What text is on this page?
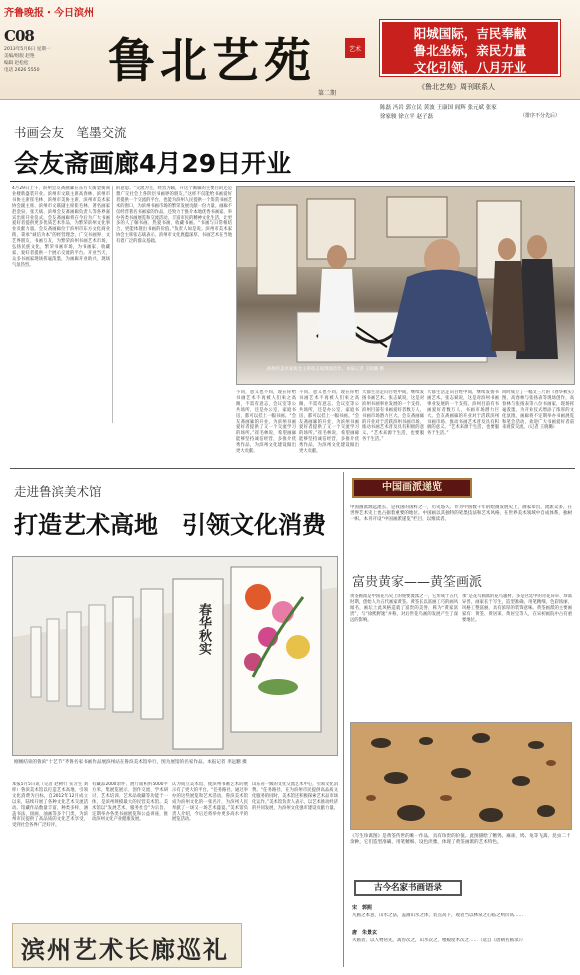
齐鲁晚报・今日滨州
C08
2013年5月6日 星期一
美编/组版 赵艳
编辑 赵松松
电话 2626 5550	鲁北艺苑	艺术
第二期
阳城国际，吉民奉献
鲁北坐标，亲民力量
文化引领，八月开业
《鲁北艺苑》周刊联系人
陈磊 冯岩 郭立民 黄波 王康国 阎辉 张元斌 张家
徐家骏 徐立平 赵子磊	（排序不分先后）
书画会友　笔墨交流
会友斋画廊4月29日开业
4月29日上午，滨州会友斋画廊在东方天街金街商业楼新盛装开业。滨州市文联主席高春林、滨州市书协主席崔毛林、滨州市美协主席、滨州市美术家协会副主席、滨州市文联副主席崔毛林、著名画家赵金泉、张天斌、滨州会友斋画廊负责人等各界嘉宾出席开业仪式，会友斋画廊将在今后为广大书画爱好者提供更多优质艺术作品，为繁荣滨州文化事业贡献力量。会友斋画廊位于滨州市东方文化商业街，秉承“诚信为本”的经营理念，广交书画界、文艺界朋友，书画互友，为繁荣滨州书画艺术市场，弘扬民族文化，繁荣书画市场，为书画家、收藏家、爱好者提供一个展示交流的平台。开业当天，众多书画家现场挥毫泼墨，为画廊开业助兴，现场气氛热烈。
的意思。“交流为主，经营为辅，开这个画廊的主要目的还是想广交社会上各阶层书画界的朋友。”这样不仅能给书画爱好者提供一个交流的平台，也能为滨州人民提供一个鉴赏书画艺术的窗口，为滨州书画市场的繁荣发展贡献一份力量。画廊不仅经营著名书画家的作品，还致力于推介本地优秀书画家，举办各类书画展览和交流活动，丰富市民的精神文化生活，让更多的人了解书画、热爱书画、收藏书画。“书画与日常相结合，更能体现出书画的价值。”负责人如是说。滨州市美术家协会主席张志斌表示，滨州市文化底蕴深厚，书画艺术在当地有着广泛的群众基础。
滨州市美术家协会主席崔志斌现场创作。本报记者 王晓璐 摄
不同，意义也不同，现在你给书画艺术不再被人们束之高阁，不需有意志，会议室等公共场所，还是办公室、家庭书房，都可以挂上一幅书画。“会友斋画廊的开业，为滨州书画爱好者提供了又一个交流学习的场所。”崔毛林说，希望画廊能够坚持诚信经营，多推介优秀作品，为滨州文化建设做出更大贡献。
不同，意义也不同，现在你给书画艺术不再被人们束之高阁，不需有意志，会议室等公共场所，还是办公室、家庭书房，都可以挂上一幅书画。“会友斋画廊的开业，为滨州书画爱好者提供了又一个交流学习的场所。”崔毛林说，希望画廊能够坚持诚信经营，多推介优秀作品，为滨州文化建设做出更大贡献。
大都生活走向百姓中间，继续发扬书画艺术。张志斌说，这是对滨州书画事业发展的一个支持。滨州目前有书画爱好者数万人，书画市场潜力巨大。会友斋画廊的开业对于活跃滨州书画市场、推动书画艺术普及具有积极的意义。“艺术来源于生活，也要服务于生活。”
大都生活走向百姓中间，继续发扬书画艺术。张志斌说，这是对滨州书画事业发展的一个支持。滨州目前有书画爱好者数万人，书画市场潜力巨大。会友斋画廊的开业对于活跃滨州书画市场、推动书画艺术普及具有积极的意义。“艺术来源于生活，也要服务于生活。”
同时成立了一幅文三尺的《春华秋实》图，高春林与张扬表等现场创作，高春林与张扬表等八位书画家，现场挥毫泼墨，为开业仪式增添了浓厚的文化氛围。画廊将不定期举办书画展览和笔会活动，欢迎广大书画爱好者前来观赏交流。（记者 王晓璐）
走进鲁滨美术馆
打造艺术高地　引领文化消费
春华秋实
刚刚结束的鲁滨“十艺节”齐鲁名家书画作品展滨州站在鲁滨美术馆举行，图为展馆的名家作品。本报记者 李远鹏 摄
本报5月5日讯（记者 赵树行 实习生 刘梓）鲁滨美术馆以打造艺术高地、引领文化消费为目标，自2012年12月成立以来，陆续开展了各种文化艺术交流活动。馆藏作品数量丰富、种类多样，涵盖书法、国画、油画等多个门类，为滨州市民提供了高品质的文化艺术享受，受到社会各界广泛好评。
有藏品2000余件，展厅面积约5000平方米，集展览展示、创作交流、学术研讨、艺术培训、艺术品收藏等功能于一体，是滨州规模最大的民营美术馆。美术馆以“发展艺术、服务社会”为宗旨，定期举办各类书画展览和公益讲座，推动滨州文化产业健康发展。
认为成立美术馆，使滨州书画艺术的展示有了更大的平台。“任务路径，通过举办的这些展览和艺术活动，鲁滨美术馆成为滨州文化的一张名片，为滨州人民奉献了一场又一场艺术盛宴。”美术馆负责人介绍，今后还将举办更多高水平的展览活动。
山东省一级的文化交流艺术中心，引领文化消费。“任务路径，在为滨州市民提供高品质文化服务的同时，美术馆还积极探索艺术品市场化运作。”美术馆负责人表示，以艺术推动经济的共同发展，为滨州文化强市建设贡献力量。
滨州艺术长廊巡礼
中国画派递览
中国画派源远流长，是我国的国粹之一，历史悠久。作为中国数千年的绘画发展史上，画家辈出，流派众多，在世界艺术史上也占据着重要的地位。中国画以其独特的笔墨技法和艺术风格，在世界美术领域中自成体系，独树一帜。本刊开设“中国画派递览”栏目，以飨读者。
富贵黄家——黄筌画派
黄筌画派是中国花鸟史上的重要流派之一，它形成于五代时期，创始人为五代画家黄筌。黄筌长以富丽工巧的画风闻名，画坛上此风格造就了富贵的美誉，称为“黄家富贵”，与“徐熙野逸”并称，对后世花鸟画的发展产生了深远的影响。
承”是花鸟画派的花鸟题材，多是宫廷中的奇花异草、珍禽异兽，画家长于写生，造型准确，用笔精细，色彩浓丽，风格工整富丽，具有浓厚的装饰意味。黄筌画派的主要画家有：黄筌、黄居寀、黄居宝等人，在宋初画院中占有重要地位。
《写生珍禽图》是黄筌传世的唯一作品，具有珍贵的价值。此图描绘了鹡鸰、麻雀、鸠、龟等飞禽、昆虫二十余种，它们造型准确、用笔精细、设色淡雅，体现了黄筌画派的艺术特色。
古今名家书画语录
宋　郭熙
凡画之本意，山水之法，盖画山水之体，装点高下，观者当以林泉之心临之则价高……
唐　朱景玄
夫画者，以人物居先，禽兽次之，山水次之，楼殿屋木次之……（选自《唐朝名画录》）
